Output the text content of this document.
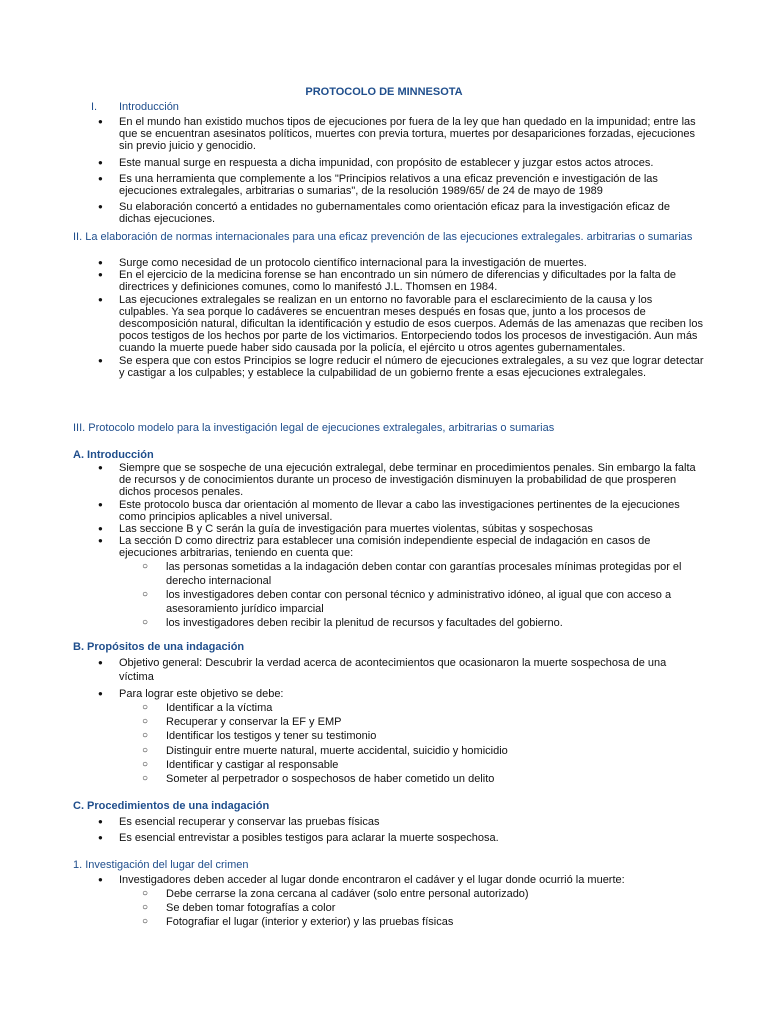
PROTOCOLO DE MINNESOTA
I. Introducción
● En el mundo han existido muchos tipos de ejecuciones por fuera de la ley que han quedado en la impunidad; entre las que se encuentran asesinatos políticos, muertes con previa tortura, muertes por desapariciones forzadas, ejecuciones sin previo juicio y genocidio.
● Este manual surge en respuesta a dicha impunidad, con propósito de establecer y juzgar estos actos atroces.
● Es una herramienta que complemente a los "Principios relativos a una eficaz prevención e investigación de las ejecuciones extralegales, arbitrarias o sumarias", de la resolución 1989/65/ de 24 de mayo de 1989
● Su elaboración concertó a entidades no gubernamentales como orientación eficaz para la investigación eficaz de dichas ejecuciones.
II. La elaboración de normas internacionales para una eficaz prevención de las ejecuciones extralegales. arbitrarias o sumarias
● Surge como necesidad de un protocolo científico internacional para la investigación de muertes.
● En el ejercicio de la medicina forense se han encontrado un sin número de diferencias y dificultades por la falta de directrices y definiciones comunes, como lo manifestó J.L. Thomsen en 1984.
● Las ejecuciones extralegales se realizan en un entorno no favorable para el esclarecimiento de la causa y los culpables. Ya sea porque lo cadáveres se encuentran meses después en fosas que, junto a los procesos de descomposición natural, dificultan la identificación y estudio de esos cuerpos. Además de las amenazas que reciben los pocos testigos de los hechos por parte de los victimarios. Entorpeciendo todos los procesos de investigación. Aun más cuando la muerte puede haber sido causada por la policía, el ejército u otros agentes gubernamentales.
● Se espera que con estos Principios se logre reducir el número de ejecuciones extralegales, a su vez que lograr detectar y castigar a los culpables; y establece la culpabilidad de un gobierno frente a esas ejecuciones extralegales.
III. Protocolo modelo para la investigación legal de ejecuciones extralegales, arbitrarias o sumarias
A. Introducción
● Siempre que se sospeche de una ejecución extralegal, debe terminar en procedimientos penales. Sin embargo la falta de recursos y de conocimientos durante un proceso de investigación disminuyen la probabilidad de que prosperen dichos procesos penales.
● Este protocolo busca dar orientación al momento de llevar a cabo las investigaciones pertinentes de la ejecuciones como principios aplicables a nivel universal.
● Las seccione B y C serán la guía de investigación para muertes violentas, súbitas y sospechosas
● La sección D como directriz para establecer una comisión independiente especial de indagación en casos de ejecuciones arbitrarias, teniendo en cuenta que:
○ las personas sometidas a la indagación deben contar con garantías procesales mínimas protegidas por el derecho internacional
○ los investigadores deben contar con personal técnico y administrativo idóneo, al igual que con acceso a asesoramiento jurídico imparcial
○ los investigadores deben recibir la plenitud de recursos y facultades del gobierno.
B. Propósitos de una indagación
● Objetivo general: Descubrir la verdad acerca de acontecimientos que ocasionaron la muerte sospechosa de una víctima
● Para lograr este objetivo se debe:
○ Identificar a la víctima
○ Recuperar y conservar la EF y EMP
○ Identificar los testigos y tener su testimonio
○ Distinguir entre muerte natural, muerte accidental, suicidio y homicidio
○ Identificar y castigar al responsable
○ Someter al perpetrador o sospechosos de haber cometido un delito
C. Procedimientos de una indagación
● Es esencial recuperar y conservar las pruebas físicas
● Es esencial entrevistar a posibles testigos para aclarar la muerte sospechosa.
1. Investigación del lugar del crimen
● Investigadores deben acceder al lugar donde encontraron el cadáver y el lugar donde ocurrió la muerte:
○ Debe cerrarse la zona cercana al cadáver (solo entre personal autorizado)
○ Se deben tomar fotografías a color
○ Fotografiar el lugar (interior y exterior) y las pruebas físicas
